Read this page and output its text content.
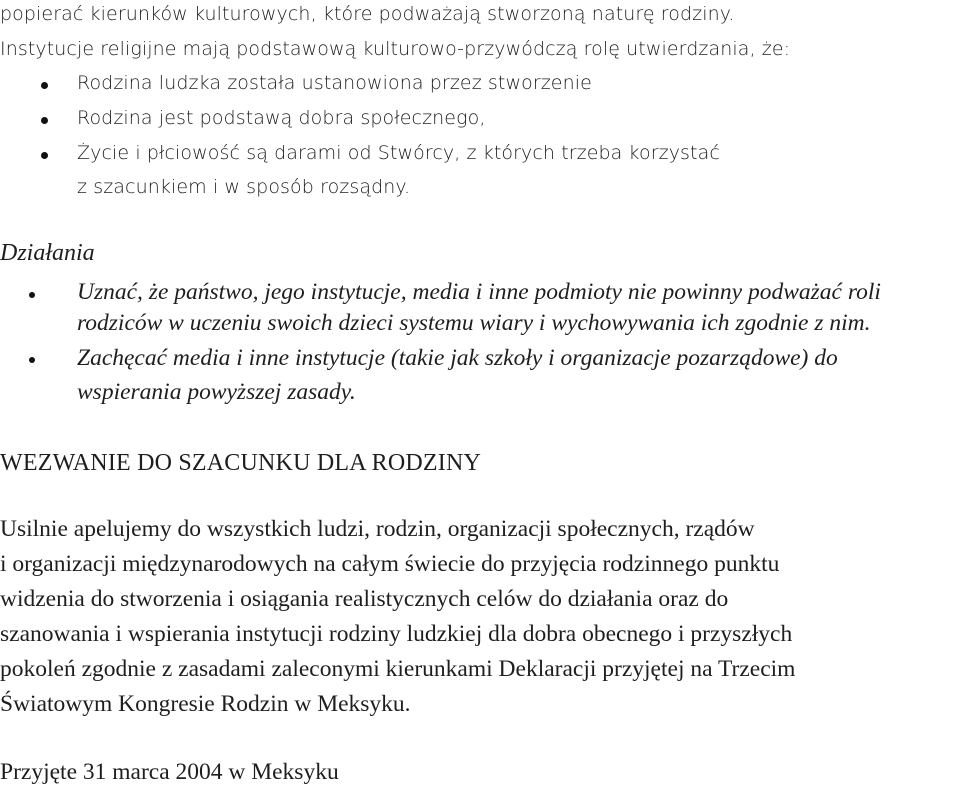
popierać kierunków kulturowych, które podważają stworzoną naturę rodziny.
Instytucje religijne mają podstawową kulturowo-przywódczą rolę utwierdzania, że:
Rodzina ludzka została ustanowiona przez stworzenie
Rodzina jest podstawą dobra społecznego,
Życie i płciowość są darami od Stwórcy, z których trzeba korzystać
z szacunkiem i w sposób rozsądny.
Działania
Uznać, że państwo, jego instytucje, media i inne podmioty nie powinny podważać roli
rodziców w uczeniu swoich dzieci systemu wiary i wychowywania ich zgodnie z nim.
Zachęcać media i inne instytucje (takie jak szkoły i organizacje pozarządowe) do
wspierania powyższej zasady.
WEZWANIE DO SZACUNKU DLA RODZINY
Usilnie apelujemy do wszystkich ludzi, rodzin, organizacji społecznych, rządów
i organizacji międzynarodowych na całym świecie do przyjęcia rodzinnego punktu
widzenia do stworzenia i osiągania realistycznych celów do działania oraz do
szanowania i wspierania instytucji rodziny ludzkiej dla dobra obecnego i przyszłych
pokoleń zgodnie z zasadami zaleconymi kierunkami Deklaracji przyjętej na Trzecim
Światowym Kongresie Rodzin w Meksyku.
Przyjęte 31 marca 2004 w Meksyku
